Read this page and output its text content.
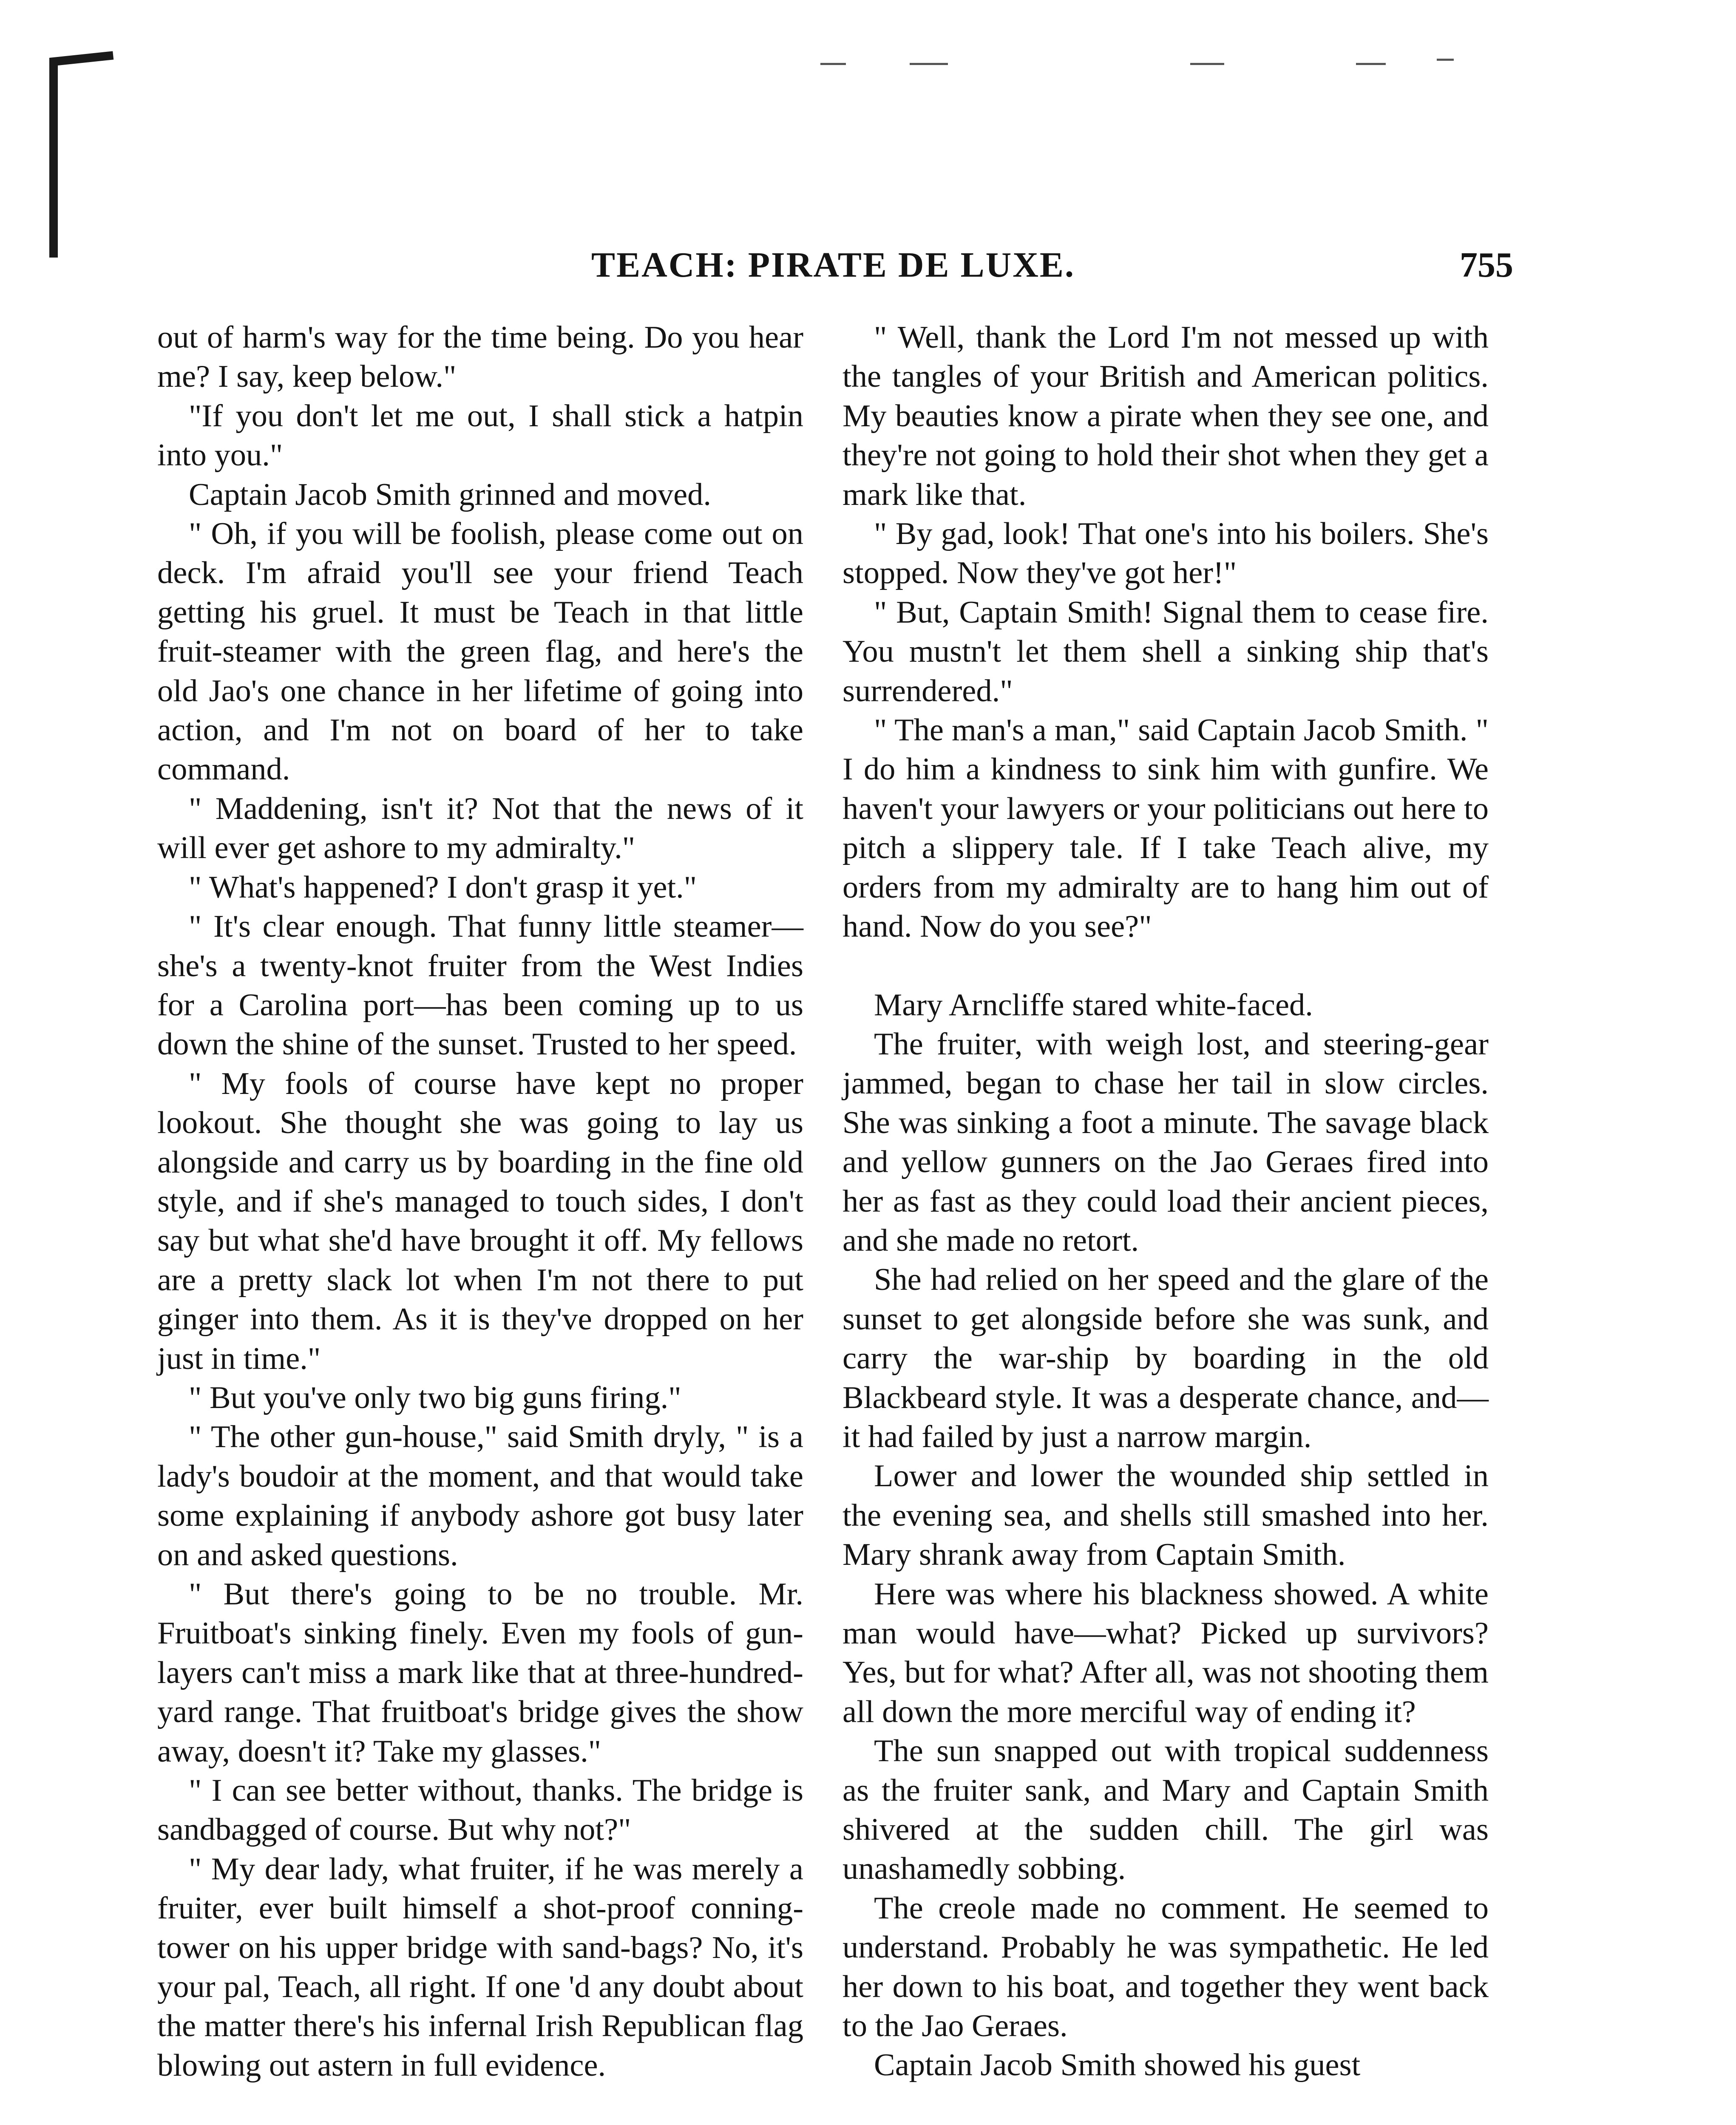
TEACH: PIRATE DE LUXE.	755

out of harm's way for the time being. Do you hear me? I say, keep below."

"If you don't let me out, I shall stick a hatpin into you."

Captain Jacob Smith grinned and moved.

" Oh, if you will be foolish, please come out on deck. I'm afraid you'll see your friend Teach getting his gruel. It must be Teach in that little fruit-steamer with the green flag, and here's the old Jao's one chance in her lifetime of going into action, and I'm not on board of her to take command.

" Maddening, isn't it? Not that the news of it will ever get ashore to my admiralty."

" What's happened? I don't grasp it yet."

" It's clear enough. That funny little steamer—she's a twenty-knot fruiter from the West Indies for a Carolina port—has been coming up to us down the shine of the sunset. Trusted to her speed.

" My fools of course have kept no proper lookout. She thought she was going to lay us alongside and carry us by boarding in the fine old style, and if she's managed to touch sides, I don't say but what she'd have brought it off. My fellows are a pretty slack lot when I'm not there to put ginger into them. As it is they've dropped on her just in time."

" But you've only two big guns firing."

" The other gun-house," said Smith dryly, " is a lady's boudoir at the moment, and that would take some explaining if anybody ashore got busy later on and asked questions.

" But there's going to be no trouble. Mr. Fruitboat's sinking finely. Even my fools of gun-layers can't miss a mark like that at three-hundred-yard range. That fruitboat's bridge gives the show away, doesn't it? Take my glasses."

" I can see better without, thanks. The bridge is sandbagged of course. But why not?"

" My dear lady, what fruiter, if he was merely a fruiter, ever built himself a shot-proof conning-tower on his upper bridge with sand-bags? No, it's your pal, Teach, all right. If one 'd any doubt about the matter there's his infernal Irish Republican flag blowing out astern in full evidence.

" Well, thank the Lord I'm not messed up with the tangles of your British and American politics. My beauties know a pirate when they see one, and they're not going to hold their shot when they get a mark like that.

" By gad, look! That one's into his boilers. She's stopped. Now they've got her!"

" But, Captain Smith! Signal them to cease fire. You mustn't let them shell a sinking ship that's surrendered."

" The man's a man," said Captain Jacob Smith. " I do him a kindness to sink him with gunfire. We haven't your lawyers or your politicians out here to pitch a slippery tale. If I take Teach alive, my orders from my admiralty are to hang him out of hand. Now do you see?"

Mary Arncliffe stared white-faced.

The fruiter, with weigh lost, and steering-gear jammed, began to chase her tail in slow circles. She was sinking a foot a minute. The savage black and yellow gunners on the Jao Geraes fired into her as fast as they could load their ancient pieces, and she made no retort.

She had relied on her speed and the glare of the sunset to get alongside before she was sunk, and carry the war-ship by boarding in the old Blackbeard style. It was a desperate chance, and—it had failed by just a narrow margin.

Lower and lower the wounded ship settled in the evening sea, and shells still smashed into her. Mary shrank away from Captain Smith.

Here was where his blackness showed. A white man would have—what? Picked up survivors? Yes, but for what? After all, was not shooting them all down the more merciful way of ending it?

The sun snapped out with tropical suddenness as the fruiter sank, and Mary and Captain Smith shivered at the sudden chill. The girl was unashamedly sobbing.

The creole made no comment. He seemed to understand. Probably he was sympathetic. He led her down to his boat, and together they went back to the Jao Geraes.

Captain Jacob Smith showed his guest
